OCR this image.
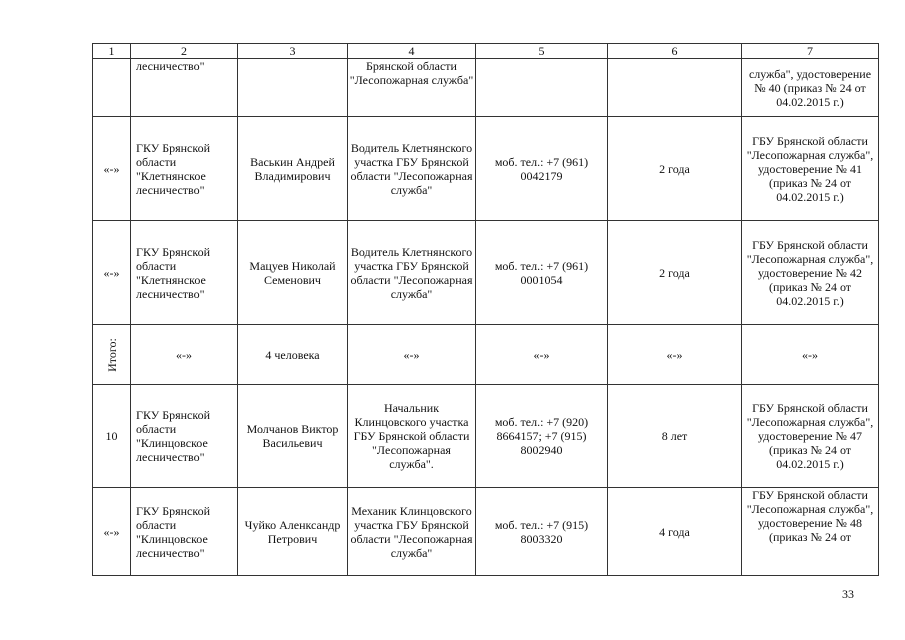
1	2	3	4	5	6	7
	лесничество"		Брянской области "Лесопожарная служба"			служба", удостоверение № 40 (приказ № 24 от 04.02.2015 г.)
«-»	ГКУ Брянской области "Клетнянское лесничество"	Васькин Андрей Владимирович	Водитель Клетнянского участка ГБУ Брянской области "Лесопожарная служба"	моб. тел.: +7 (961) 0042179	2 года	ГБУ Брянской области "Лесопожарная служба", удостоверение № 41 (приказ № 24 от 04.02.2015 г.)
«-»	ГКУ Брянской области "Клетнянское лесничество"	Мацуев Николай Семенович	Водитель Клетнянского участка ГБУ Брянской области "Лесопожарная служба"	моб. тел.: +7 (961) 0001054	2 года	ГБУ Брянской области "Лесопожарная служба", удостоверение № 42 (приказ № 24 от 04.02.2015 г.)
Итого:	«-»	4 человека	«-»	«-»	«-»	«-»
10	ГКУ Брянской области "Клинцовское лесничество"	Молчанов Виктор Васильевич	Начальник Клинцовского участка ГБУ Брянской области "Лесопожарная служба".	моб. тел.: +7 (920) 8664157; +7 (915) 8002940	8 лет	ГБУ Брянской области "Лесопожарная служба", удостоверение № 47 (приказ № 24 от 04.02.2015 г.)
«-»	ГКУ Брянской области "Клинцовское лесничество"	Чуйко Аленксандр Петрович	Механик Клинцовского участка ГБУ Брянской области "Лесопожарная служба"	моб. тел.: +7 (915) 8003320	4 года	ГБУ Брянской области "Лесопожарная служба", удостоверение № 48 (приказ № 24 от
33
